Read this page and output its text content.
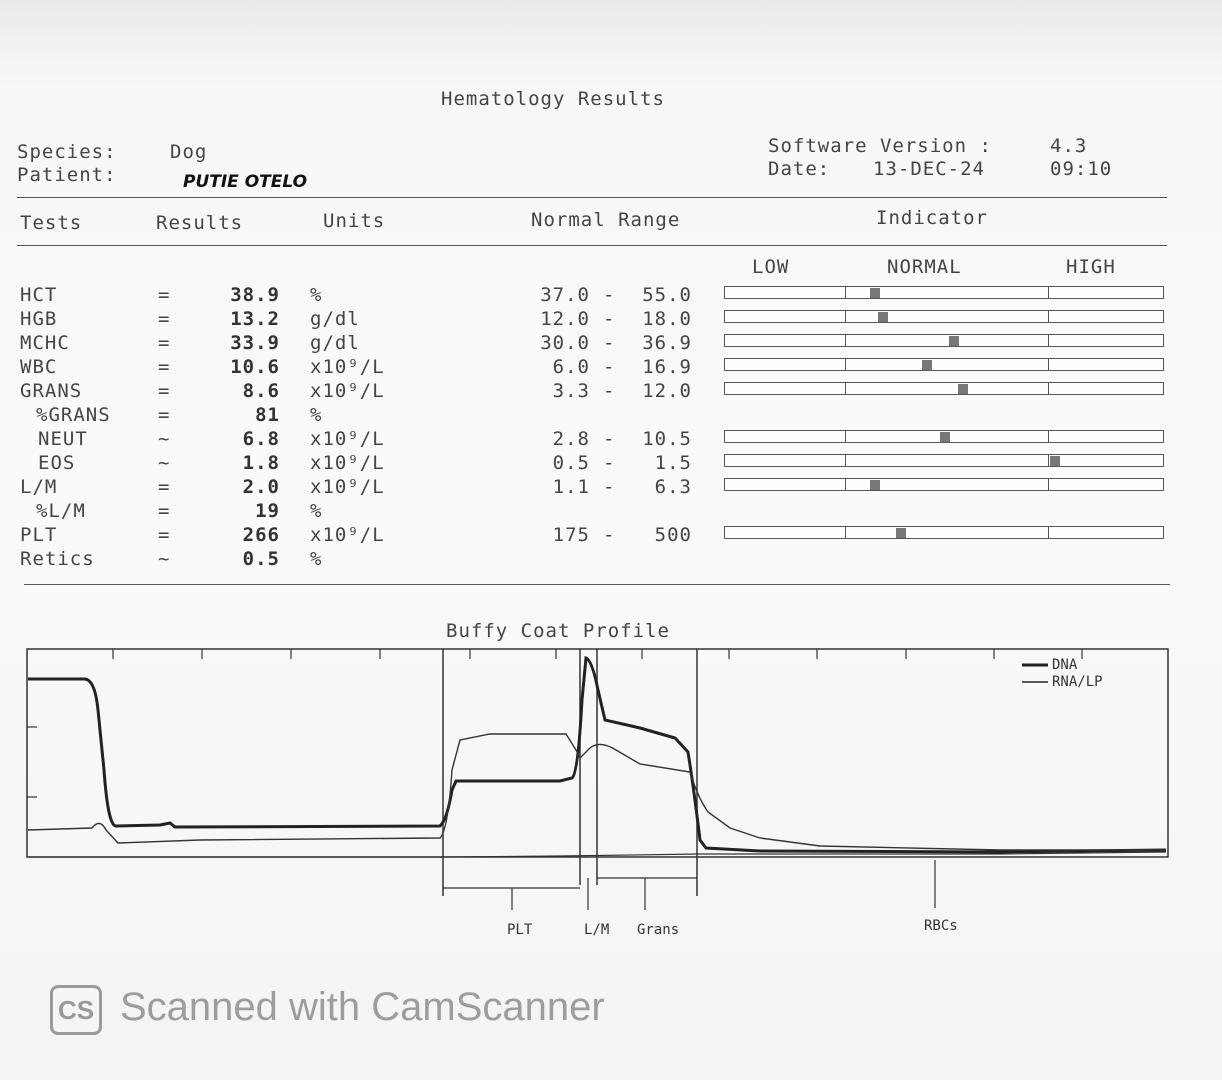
Hematology Results
Species:	Dog
Patient:	PUTIE OTELO
Software Version :	4.3
Date: 13-DEC-24	09:10
Tests	Results	Units	Normal Range	Indicator
LOW	NORMAL	HIGH
HCT	=	38.9 %	37.0	55.0
-
HGB	=	13.2 g/dl	12.0	18.0
-
MCHC	=	33.9 g/dl	30.0	36.9
-
WBC	=	10.6 x10⁹/L	6.0	16.9
-
GRANS	=	8.6 x10⁹/L	3.3	12.0
-
%GRANS =	81 %
NEUT	~	6.8 x10⁹/L	2.8	10.5
-
EOS	~	1.8 x10⁹/L	0.5	1.5
-
L/M	=	2.0 x10⁹/L	1.1	6.3
-
%L/M	=	19 %
PLT	=	266 x10⁹/L	175	500
-
Retics	~	0.5 %
Buffy Coat Profile
DNA
RNA/LP
PLT	L/M Grans	RBCs
CS Scanned with CamScanner
